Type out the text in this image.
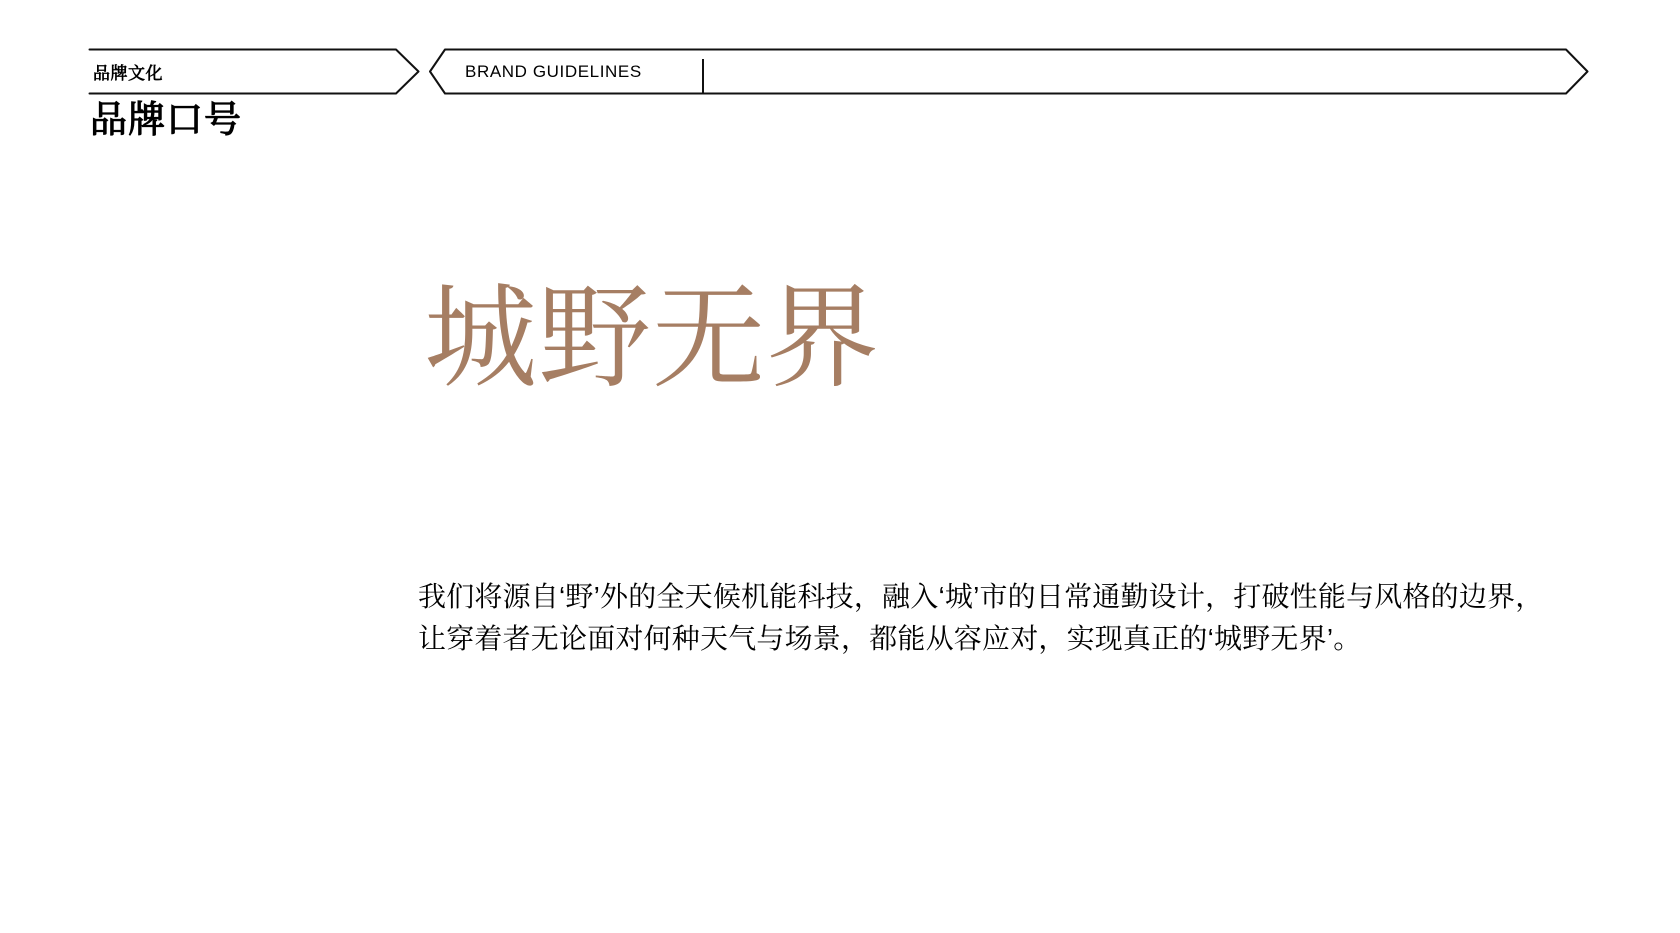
品牌文化	BRAND GUIDELINES
品牌口号
城野无界
我们将源自‘野’外的全天候机能科技，融入‘城’市的日常通勤设计，打破性能与风格的边界，
让穿着者无论面对何种天气与场景，都能从容应对，实现真正的‘城野无界’。
